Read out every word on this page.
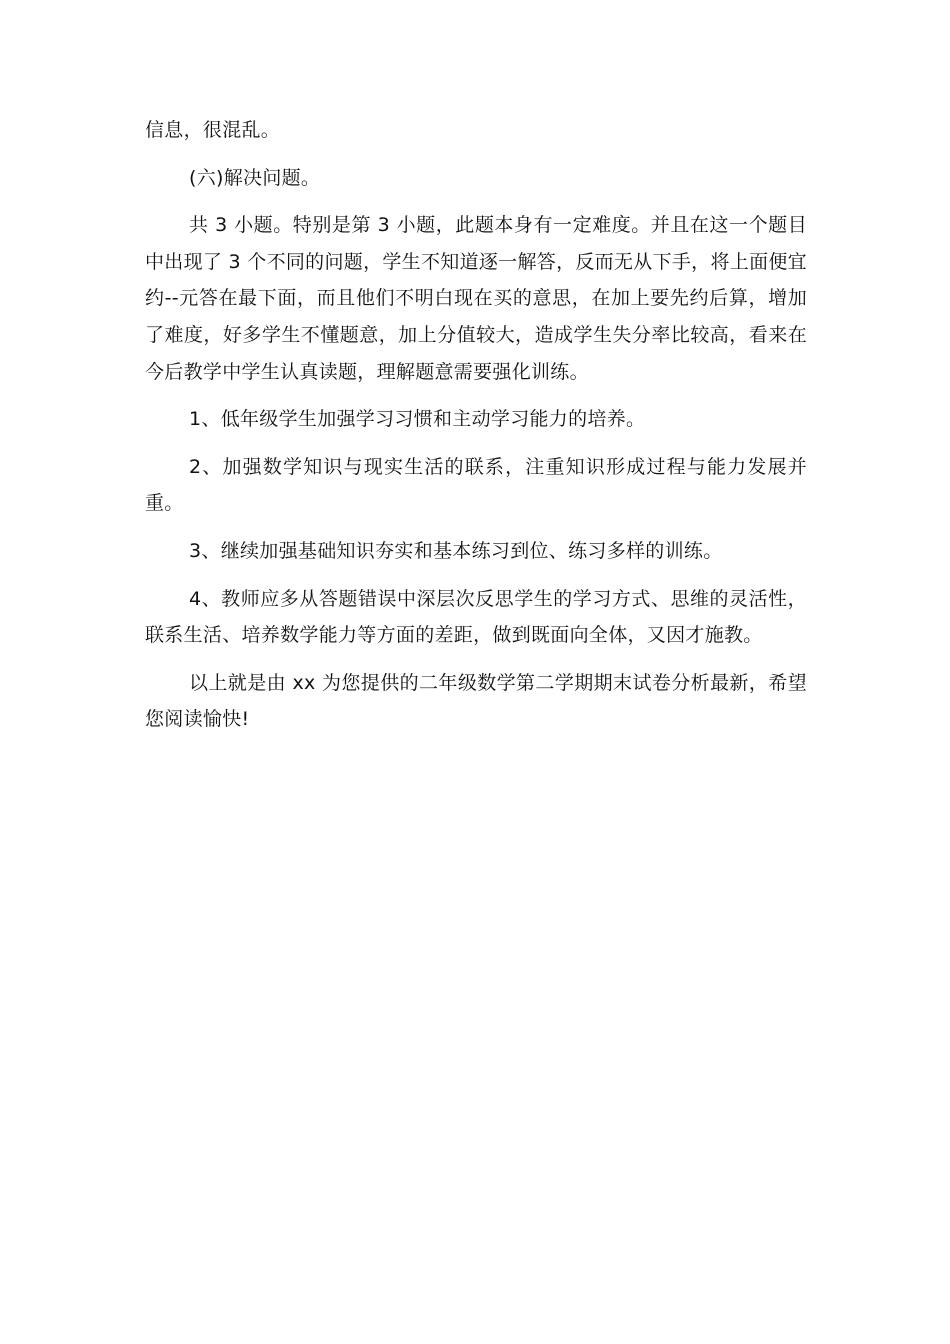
信息，很混乱。

(六)解决问题。

共 3 小题。特别是第 3 小题，此题本身有一定难度。并且在这一个题目中出现了 3 个不同的问题，学生不知道逐一解答，反而无从下手，将上面便宜约--元答在最下面，而且他们不明白现在买的意思，在加上要先约后算，增加了难度，好多学生不懂题意，加上分值较大，造成学生失分率比较高，看来在今后教学中学生认真读题，理解题意需要强化训练。

1、低年级学生加强学习习惯和主动学习能力的培养。

2、加强数学知识与现实生活的联系，注重知识形成过程与能力发展并重。

3、继续加强基础知识夯实和基本练习到位、练习多样的训练。

4、教师应多从答题错误中深层次反思学生的学习方式、思维的灵活性，联系生活、培养数学能力等方面的差距，做到既面向全体，又因才施教。

以上就是由 xx 为您提供的二年级数学第二学期期末试卷分析最新，希望您阅读愉快!
